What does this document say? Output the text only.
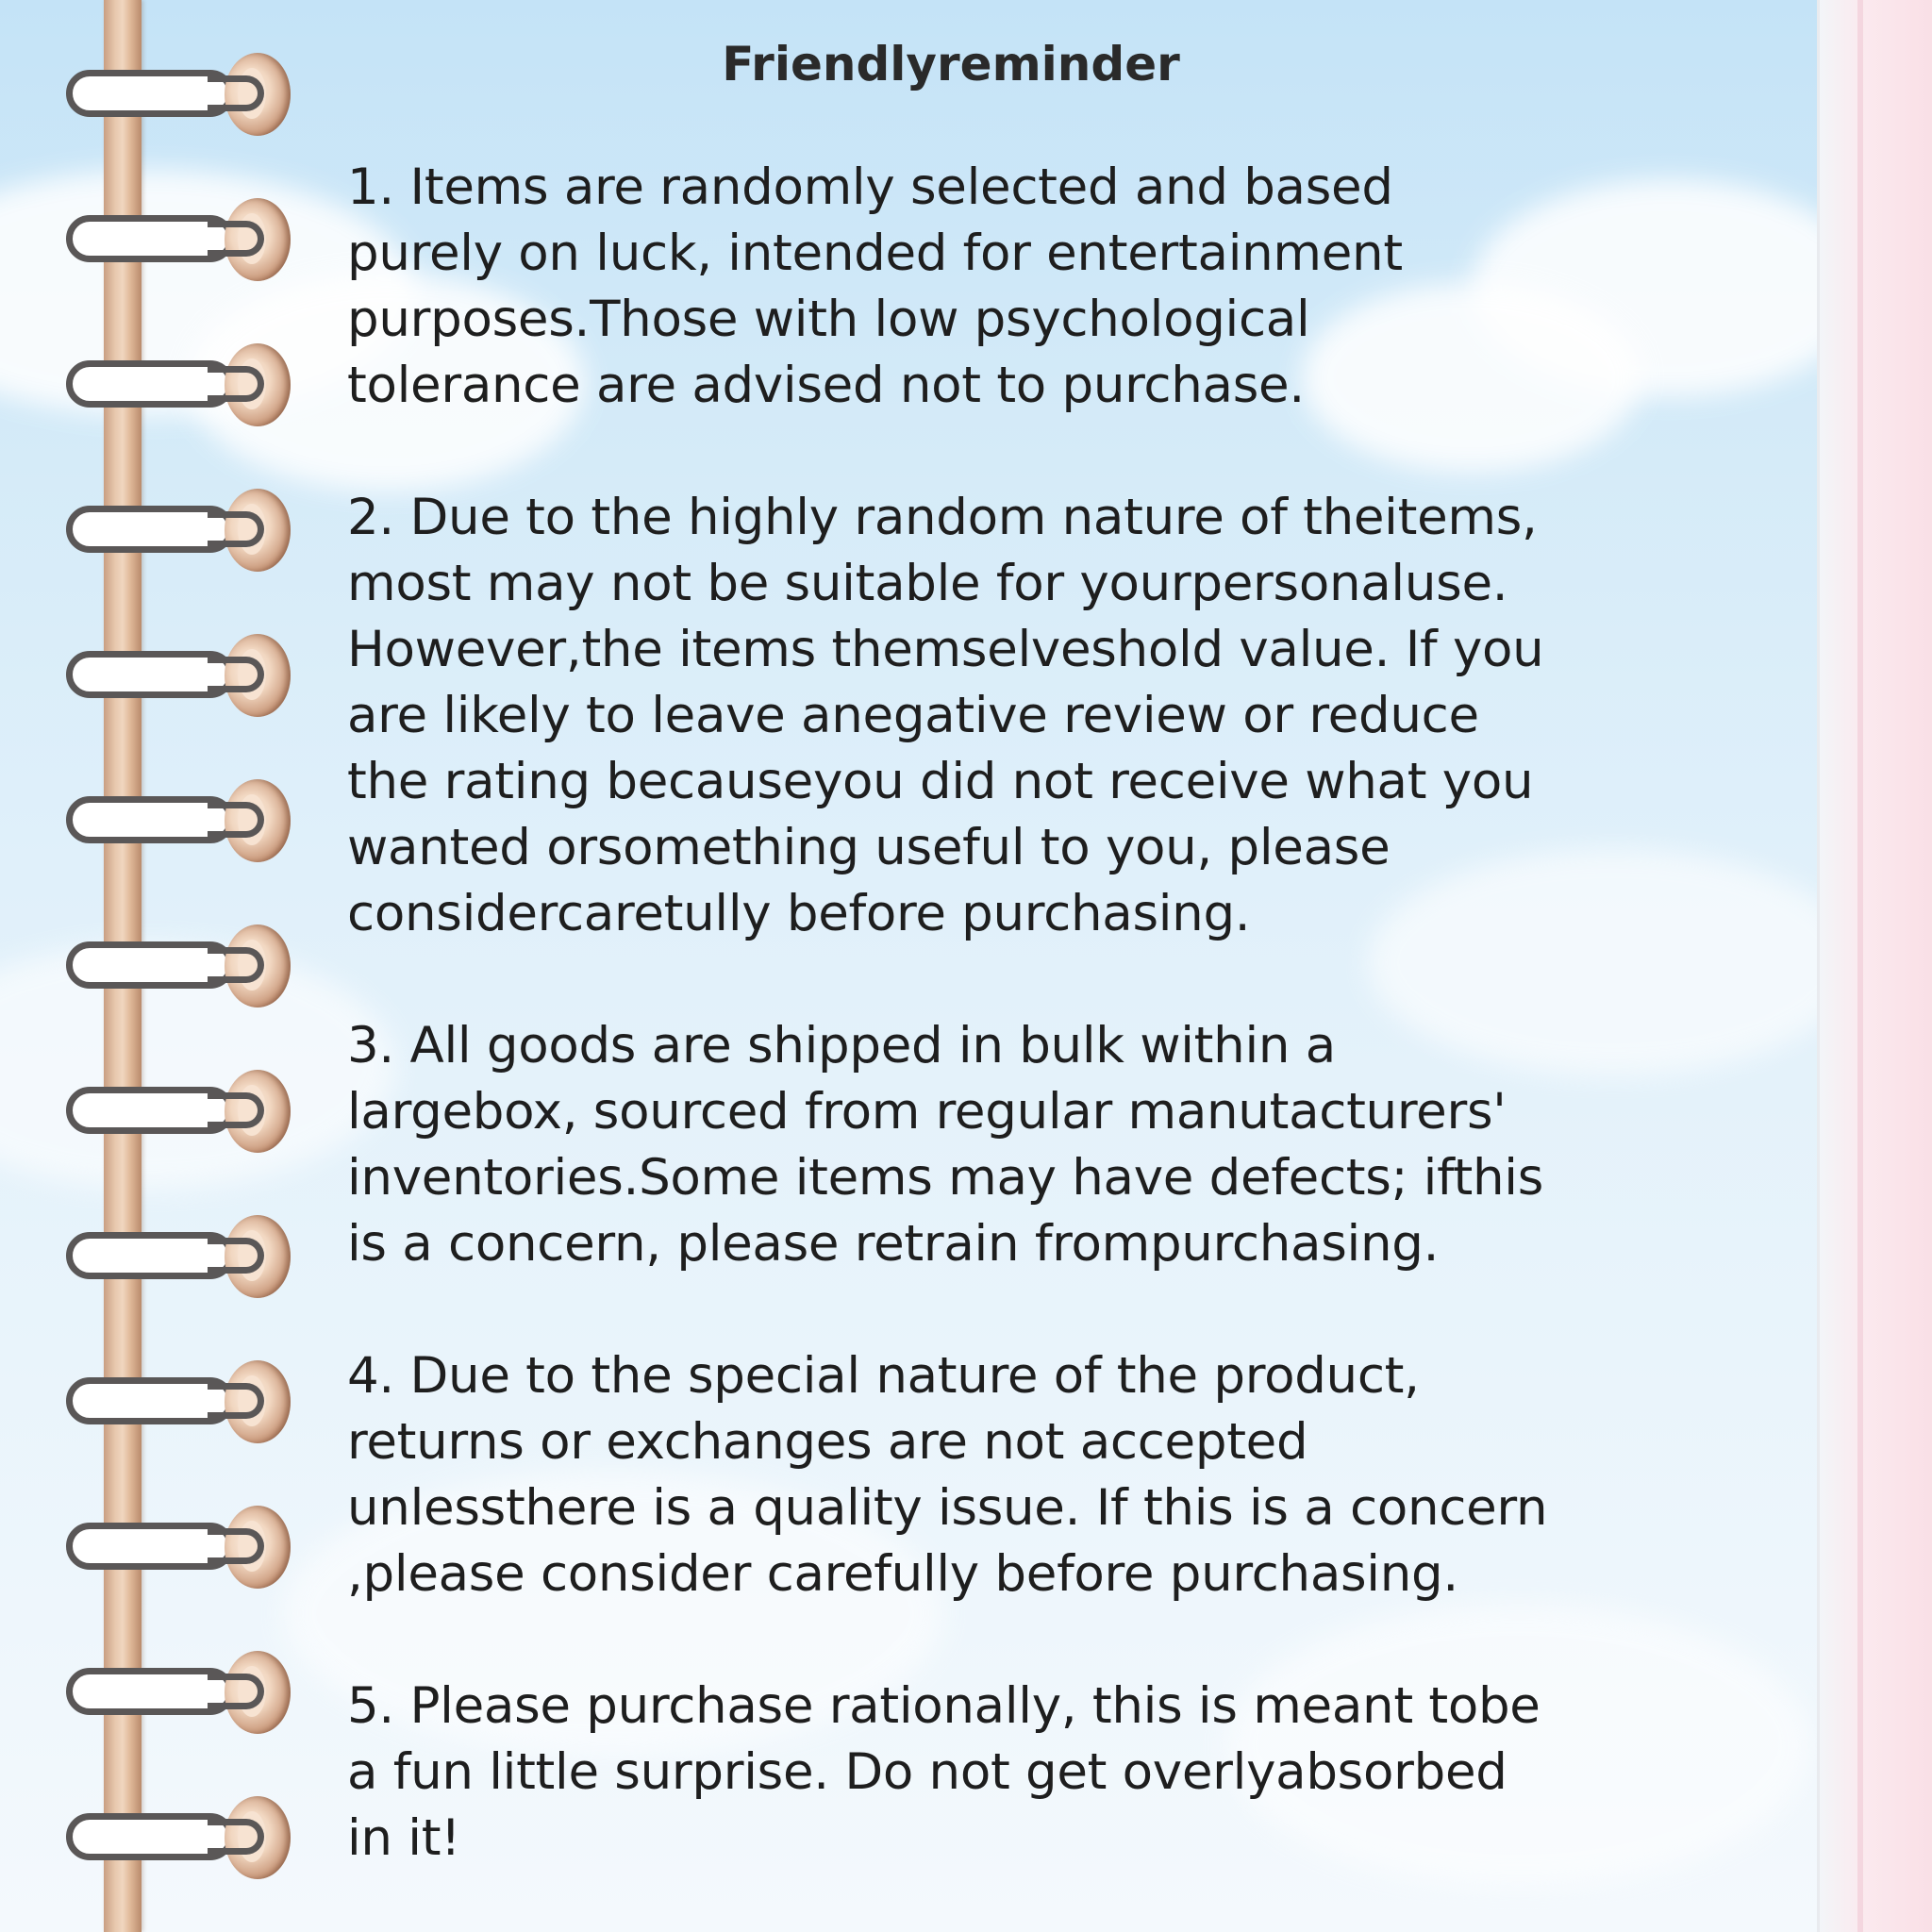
Friendlyreminder

1. Items are randomly selected and based
purely on luck, intended for entertainment
purposes.Those with low psychological
tolerance are advised not to purchase.

2. Due to the highly random nature of theitems,
most may not be suitable for yourpersonaluse.
However,the items themselveshold value. If you
are likely to leave anegative review or reduce
the rating becauseyou did not receive what you
wanted orsomething useful to you, please
considercaretully before purchasing.

3. All goods are shipped in bulk within a
largebox, sourced from regular manutacturers'
inventories.Some items may have defects; ifthis
is a concern, please retrain frompurchasing.

4. Due to the special nature of the product,
returns or exchanges are not accepted
unlessthere is a quality issue. If this is a concern
,please consider carefully before purchasing.

5. Please purchase rationally, this is meant tobe
a fun little surprise. Do not get overlyabsorbed
in it!
